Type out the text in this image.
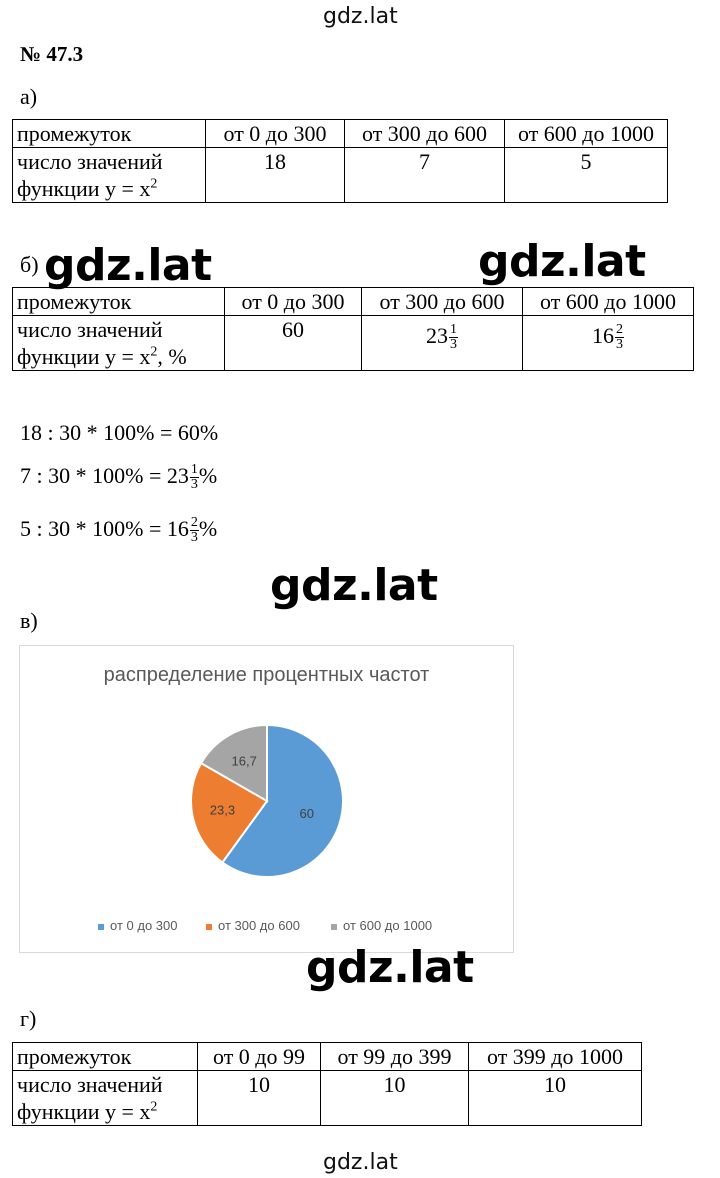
gdz.lat
№ 47.3
а)
промежуток	от 0 до 300	от 300 до 600	от 600 до 1000
число значений
функции $y = x^2$	18	7	5
б) gdz.lat	gdz.lat
промежуток	от 0 до 300	от 300 до 600	от 600 до 1000
число значений
функции $y = x^2$, %	60	$23 \frac{1}{3}$	$16 \frac{2}{3}$
18 : 30 * 100% = 60%
7 : $30 * 100\% = 23 \frac{1}{3}$ %
5 : $30 * 100\% = 16 \frac{2}{3}$ %
gdz.lat
в)
распределение процентных частот
60
23,3
16,7
от 0 до 300	от 300 до 600	от 600 до 1000
gdz.lat
г)
промежуток	от 0 до 99	от 99 до 399	от 399 до 1000
число значений
функции $y = x^2$	10	10	10
gdz.lat
